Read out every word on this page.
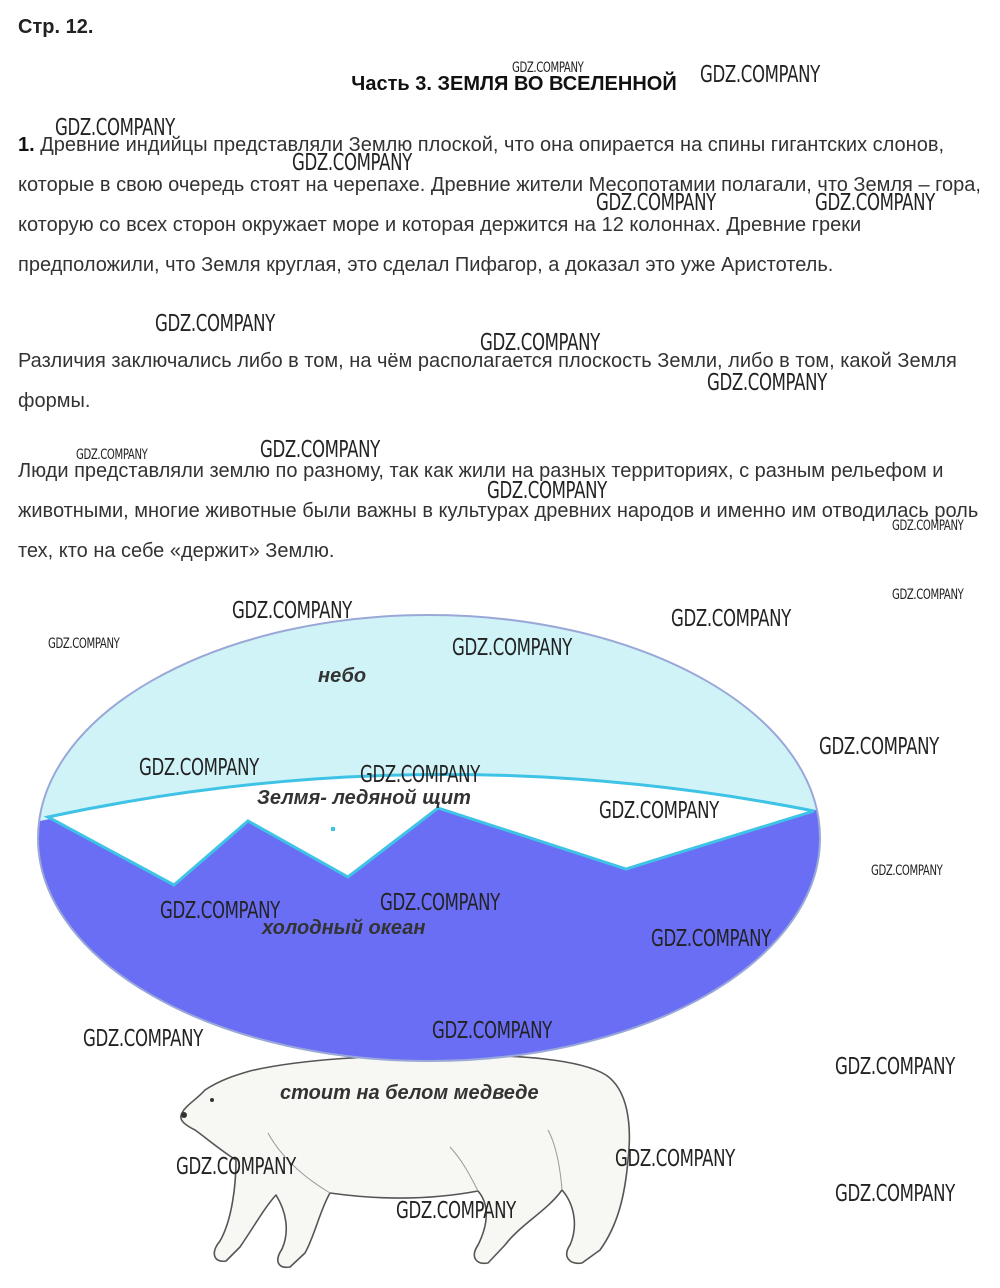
Стр. 12.
Часть 3. ЗЕМЛЯ ВО ВСЕЛЕННОЙ

1. Древние индийцы представляли Землю плоской, что она опирается на спины гигантских слонов, которые в свою очередь стоят на черепахе. Древние жители Месопотамии полагали, что Земля – гора, которую со всех сторон окружает море и которая держится на 12 колоннах. Древние греки предположили, что Земля круглая, это сделал Пифагор, а доказал это уже Аристотель.

Различия заключались либо в том, на чём располагается плоскость Земли, либо в том, какой Земля формы.

Люди представляли землю по разному, так как жили на разных территориях, с разным рельефом и животными, многие животные были важны в культурах древних народов и именно им отводилась роль тех, кто на себе «держит» Землю.

небо
Зелмя- ледяной щит
холодный океан
стоит на белом медведе
GDZ.COMPANY	GDZ.COMPANY
GDZ.COMPANY
GDZ.COMPANY
GDZ.COMPANY	GDZ.COMPANY
GDZ.COMPANY
GDZ.COMPANY
GDZ.COMPANY
GDZ.COMPANY	GDZ.COMPANY
GDZ.COMPANY
GDZ.COMPANY
GDZ.COMPANY
GDZ.COMPANY	GDZ.COMPANY
GDZ.COMPANY	GDZ.COMPANY
GDZ.COMPANY
GDZ.COMPANY	GDZ.COMPANY
GDZ.COMPANY
GDZ.COMPANY
GDZ.COMPANY
GDZ.COMPANY
GDZ.COMPANY
GDZ.COMPANY
GDZ.COMPANY
GDZ.COMPANY
GDZ.COMPANY
GDZ.COMPANY
GDZ.COMPANY
GDZ.COMPANY
